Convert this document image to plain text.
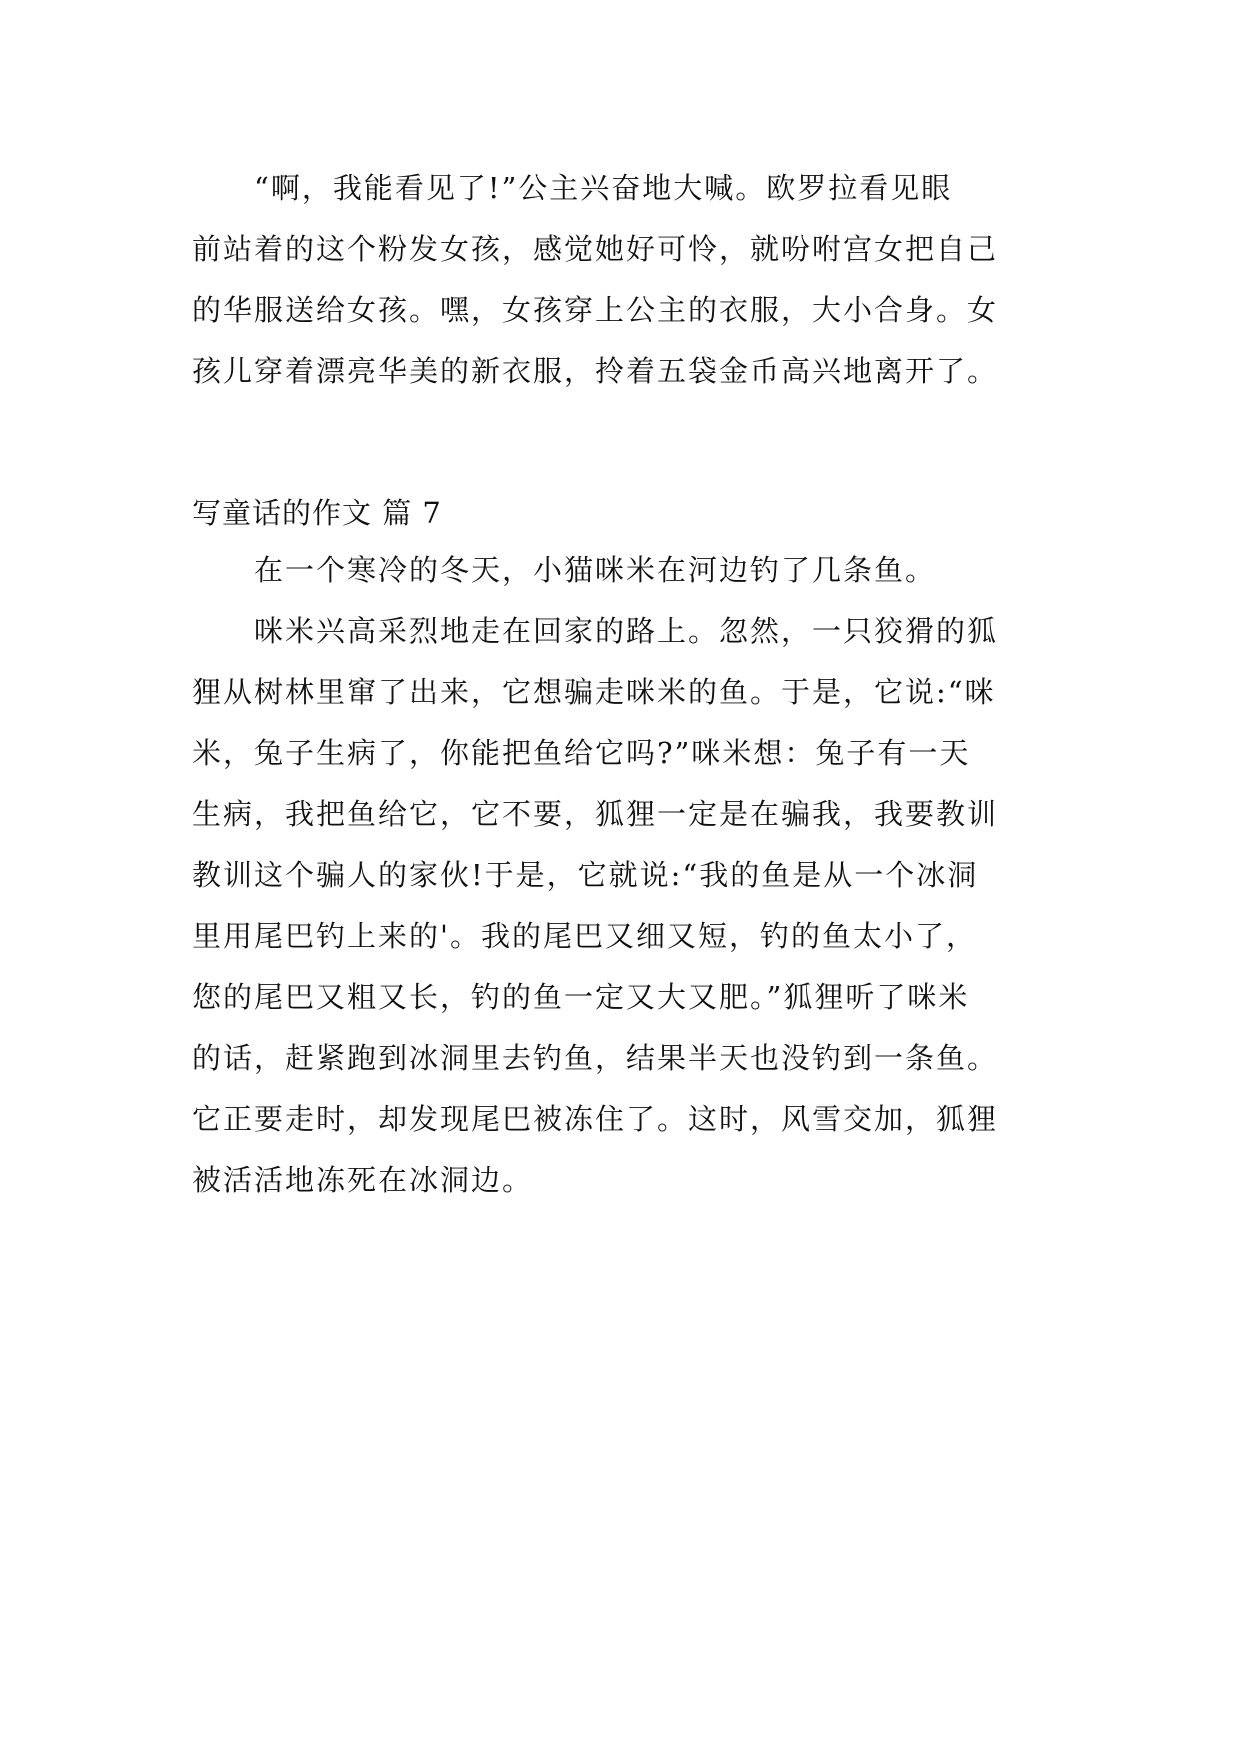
“啊，我能看见了!”公主兴奋地大喊。欧罗拉看见眼
前站着的这个粉发女孩，感觉她好可怜，就吩咐宫女把自己
的华服送给女孩。嘿，女孩穿上公主的衣服，大小合身。女
孩儿穿着漂亮华美的新衣服，拎着五袋金币高兴地离开了。
写童话的作文 篇 7
在一个寒冷的冬天，小猫咪米在河边钓了几条鱼。
咪米兴高采烈地走在回家的路上。忽然，一只狡猾的狐
狸从树林里窜了出来，它想骗走咪米的鱼。于是，它说:“咪
米，兔子生病了，你能把鱼给它吗?”咪米想：兔子有一天
生病，我把鱼给它，它不要，狐狸一定是在骗我，我要教训
教训这个骗人的家伙!于是，它就说:“我的鱼是从一个冰洞
里用尾巴钓上来的'。我的尾巴又细又短，钓的鱼太小了，
您的尾巴又粗又长，钓的鱼一定又大又肥。”狐狸听了咪米
的话，赶紧跑到冰洞里去钓鱼，结果半天也没钓到一条鱼。
它正要走时，却发现尾巴被冻住了。这时，风雪交加，狐狸
被活活地冻死在冰洞边。
